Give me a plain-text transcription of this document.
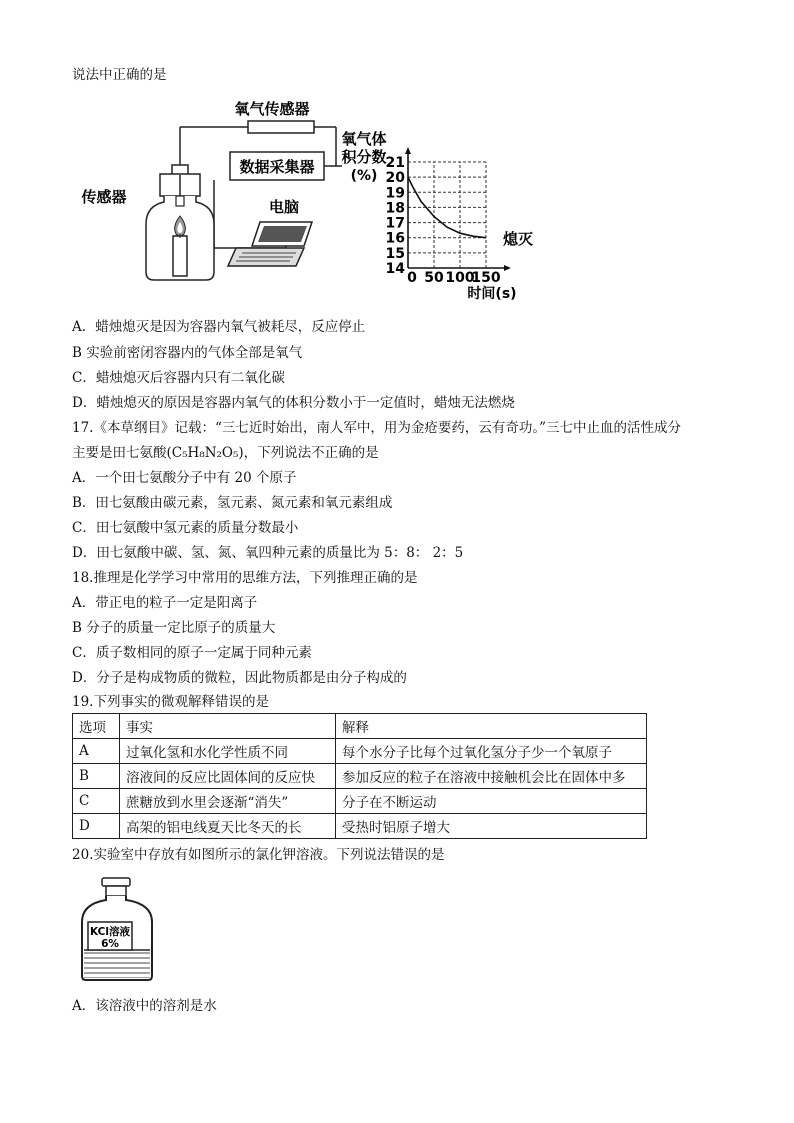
说法中正确的是
氧气传感器
数据采集器
电脑
传感器
氧气体
积分数
(%)
14
15
16
17
18
19
20
21
0 50 100
150
熄灭
时间(s)
A．蜡烛熄灭是因为容器内氧气被耗尽，反应停止
B 实验前密闭容器内的气体全部是氧气
C．蜡烛熄灭后容器内只有二氧化碳
D．蜡烛熄灭的原因是容器内氧气的体积分数小于一定值时，蜡烛无法燃烧
17.《本草纲目》记载：“三七近时始出，南人军中，用为金疮要药，云有奇功。”三七中止血的活性成分
主要是田七氨酸(C₅H₈N₂O₅)，下列说法不正确的是
A．一个田七氨酸分子中有 20 个原子
B．田七氨酸由碳元素，氢元素、氮元素和氧元素组成
C．田七氨酸中氢元素的质量分数最小
D．田七氨酸中碳、氢、氮、氧四种元素的质量比为 5：8： 2：5
18.推理是化学学习中常用的思维方法，下列推理正确的是
A．带正电的粒子一定是阳离子
B 分子的质量一定比原子的质量大
C．质子数相同的原子一定属于同种元素
D．分子是构成物质的微粒，因此物质都是由分子构成的
19.下列事实的微观解释错误的是
选项	事实	解释
A	过氧化氢和水化学性质不同	每个水分子比每个过氧化氢分子少一个氧原子
B	溶液间的反应比固体间的反应快	参加反应的粒子在溶液中接触机会比在固体中多
C	蔗糖放到水里会逐渐“消失”	分子在不断运动
D	高架的铝电线夏天比冬天的长	受热时铝原子增大
20.实验室中存放有如图所示的氯化钾溶液。下列说法错误的是
KCl溶液
6%
A．该溶液中的溶剂是水
